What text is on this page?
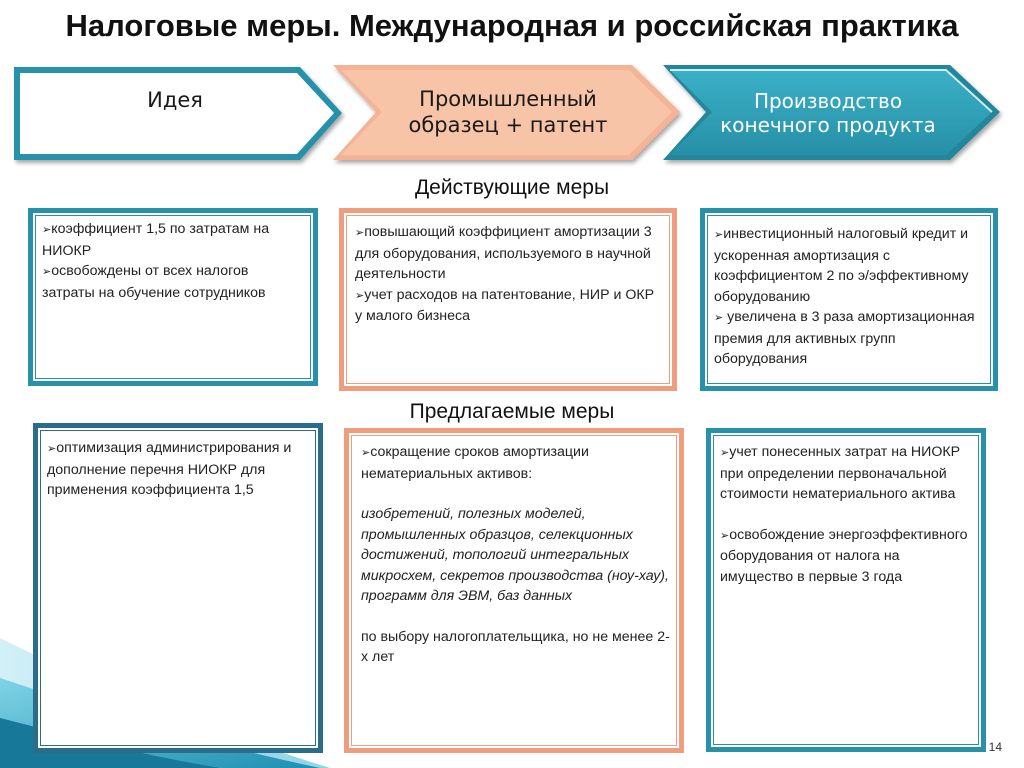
Налоговые меры. Международная и российская практика
Идея	Промышленный образец + патент
Производство конечного продукта
Действующие меры
Предлагаемые меры
➢коэффициент 1,5 по затратам на НИОКР
➢освобождены от всех налогов затраты на обучение сотрудников
➢повышающий коэффициент амортизации 3 для оборудования, используемого в научной деятельности
➢учет расходов на патентование, НИР и ОКР у малого бизнеса
➢инвестиционный налоговый кредит и ускоренная амортизация с коэффициентом 2 по э/эффективному оборудованию
➢ увеличена в 3 раза амортизационная премия для активных групп оборудования
➢оптимизация администрирования и дополнение перечня НИОКР для применения коэффициента 1,5
➢сокращение сроков амортизации нематериальных активов:
изобретений, полезных моделей, промышленных образцов, селекционных достижений, топологий интегральных микросхем, секретов производства (ноу-хау), программ для ЭВМ, баз данных
по выбору налогоплательщика, но не менее 2-х лет
➢учет понесенных затрат на НИОКР при определении первоначальной стоимости нематериального актива
➢освобождение энергоэффективного оборудования от налога на имущество в первые 3 года
14
